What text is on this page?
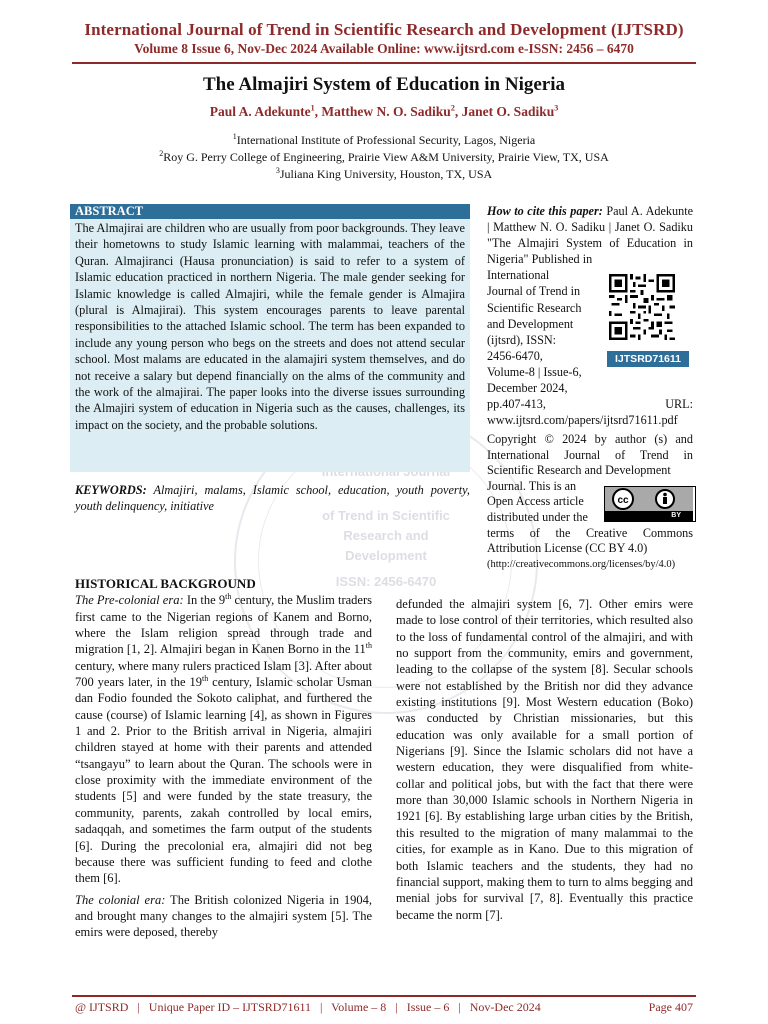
International Journal of Trend in Scientific Research and Development (IJTSRD)
Volume 8 Issue 6, Nov-Dec 2024 Available Online: www.ijtsrd.com e-ISSN: 2456 – 6470
of Trend in Scientific
Research and
Development
ISSN: 2456-6470
The Almajiri System of Education in Nigeria
Paul A. Adekunte$^1$, Matthew N. O. Sadiku$^2$, Janet O. Sadiku$^3$
$^1$International Institute of Professional Security, Lagos, Nigeria
$^2$Roy G. Perry College of Engineering, Prairie View A&M University, Prairie View, TX, USA
$^3$Juliana King University, Houston, TX, USA
ABSTRACT
The Almajirai are children who are usually from poor backgrounds. They leave their hometowns to study Islamic learning with malammai, teachers of the Quran. Almajiranci (Hausa pronunciation) is said to refer to a system of Islamic education practiced in northern Nigeria. The male gender seeking for Islamic knowledge is called Almajiri, while the female gender is Almajira (plural is Almajirai). This system encourages parents to leave parental responsibilities to the attached Islamic school. The term has been expanded to include any young person who begs on the streets and does not attend secular school. Most malams are educated in the alamajiri system themselves, and do not receive a salary but depend financially on the alms of the community and the work of the almajirai. The paper looks into the diverse issues surrounding the Almajiri system of education in Nigeria such as the causes, challenges, its impact on the society, and the probable solutions.
KEYWORDS: Almajiri, malams, Islamic school, education, youth poverty, youth delinquency, initiative
How to cite this paper: Paul A. Adekunte | Matthew N. O. Sadiku | Janet O. Sadiku "The Almajiri System of Education in Nigeria" Published in
International
Journal of Trend in
Scientific Research
and Development
(ijtsrd), ISSN:
2456-6470,
Volume-8 | Issue-6,
December 2024,
pp.407-413, URL:
www.ijtsrd.com/papers/ijtsrd71611.pdf
IJTSRD71611
Copyright © 2024 by author (s) and International Journal of Trend in Scientific Research and Development
Journal. This is an
Open Access article
distributed under the
terms of the Creative Commons Attribution License (CC BY 4.0)
(http://creativecommons.org/licenses/by/4.0)
cc
BY
HISTORICAL BACKGROUND

The Pre-colonial era: In the 9th century, the Muslim traders first came to the Nigerian regions of Kanem and Borno, where the Islam religion spread through trade and migration [1, 2]. Almajiri began in Kanen Borno in the 11th century, where many rulers practiced Islam [3]. After about 700 years later, in the 19th century, Islamic scholar Usman dan Fodio founded the Sokoto caliphat, and furthered the cause (course) of Islamic learning [4], as shown in Figures 1 and 2. Prior to the British arrival in Nigeria, almajiri children stayed at home with their parents and attended “tsangayu” to learn about the Quran. The schools were in close proximity with the immediate environment of the students [5] and were funded by the state treasury, the community, parents, zakah controlled by local emirs, sadaqqah, and sometimes the farm output of the students [6]. During the precolonial era, almajiri did not beg because there was sufficient funding to feed and clothe them [6].

The colonial era: The British colonized Nigeria in 1904, and brought many changes to the almajiri system [5]. The emirs were deposed, thereby

defunded the almajiri system [6, 7]. Other emirs were made to lose control of their territories, which resulted also to the loss of fundamental control of the almajiri, and with no support from the community, emirs and government, leading to the collapse of the system [8]. Secular schools were not established by the British nor did they advance existing institutions [9]. Most Western education (Boko) was conducted by Christian missionaries, but this education was only available for a small portion of Nigerians [9]. Since the Islamic scholars did not have a western education, they were disqualified from white-collar and political jobs, but with the fact that there were more than 30,000 Islamic schools in Northern Nigeria in 1921 [6]. By establishing large urban cities by the British, this resulted to the migration of many malammai to the cities, for example as in Kano. Due to this migration of both Islamic teachers and the students, they had no financial support, making them to turn to alms begging and menial jobs for survival [7, 8]. Eventually this practice became the norm [7].

@ IJTSRD   |   Unique Paper ID – IJTSRD71611   |   Volume – 8   |   Issue – 6   |   Nov-Dec 2024	Page 407
